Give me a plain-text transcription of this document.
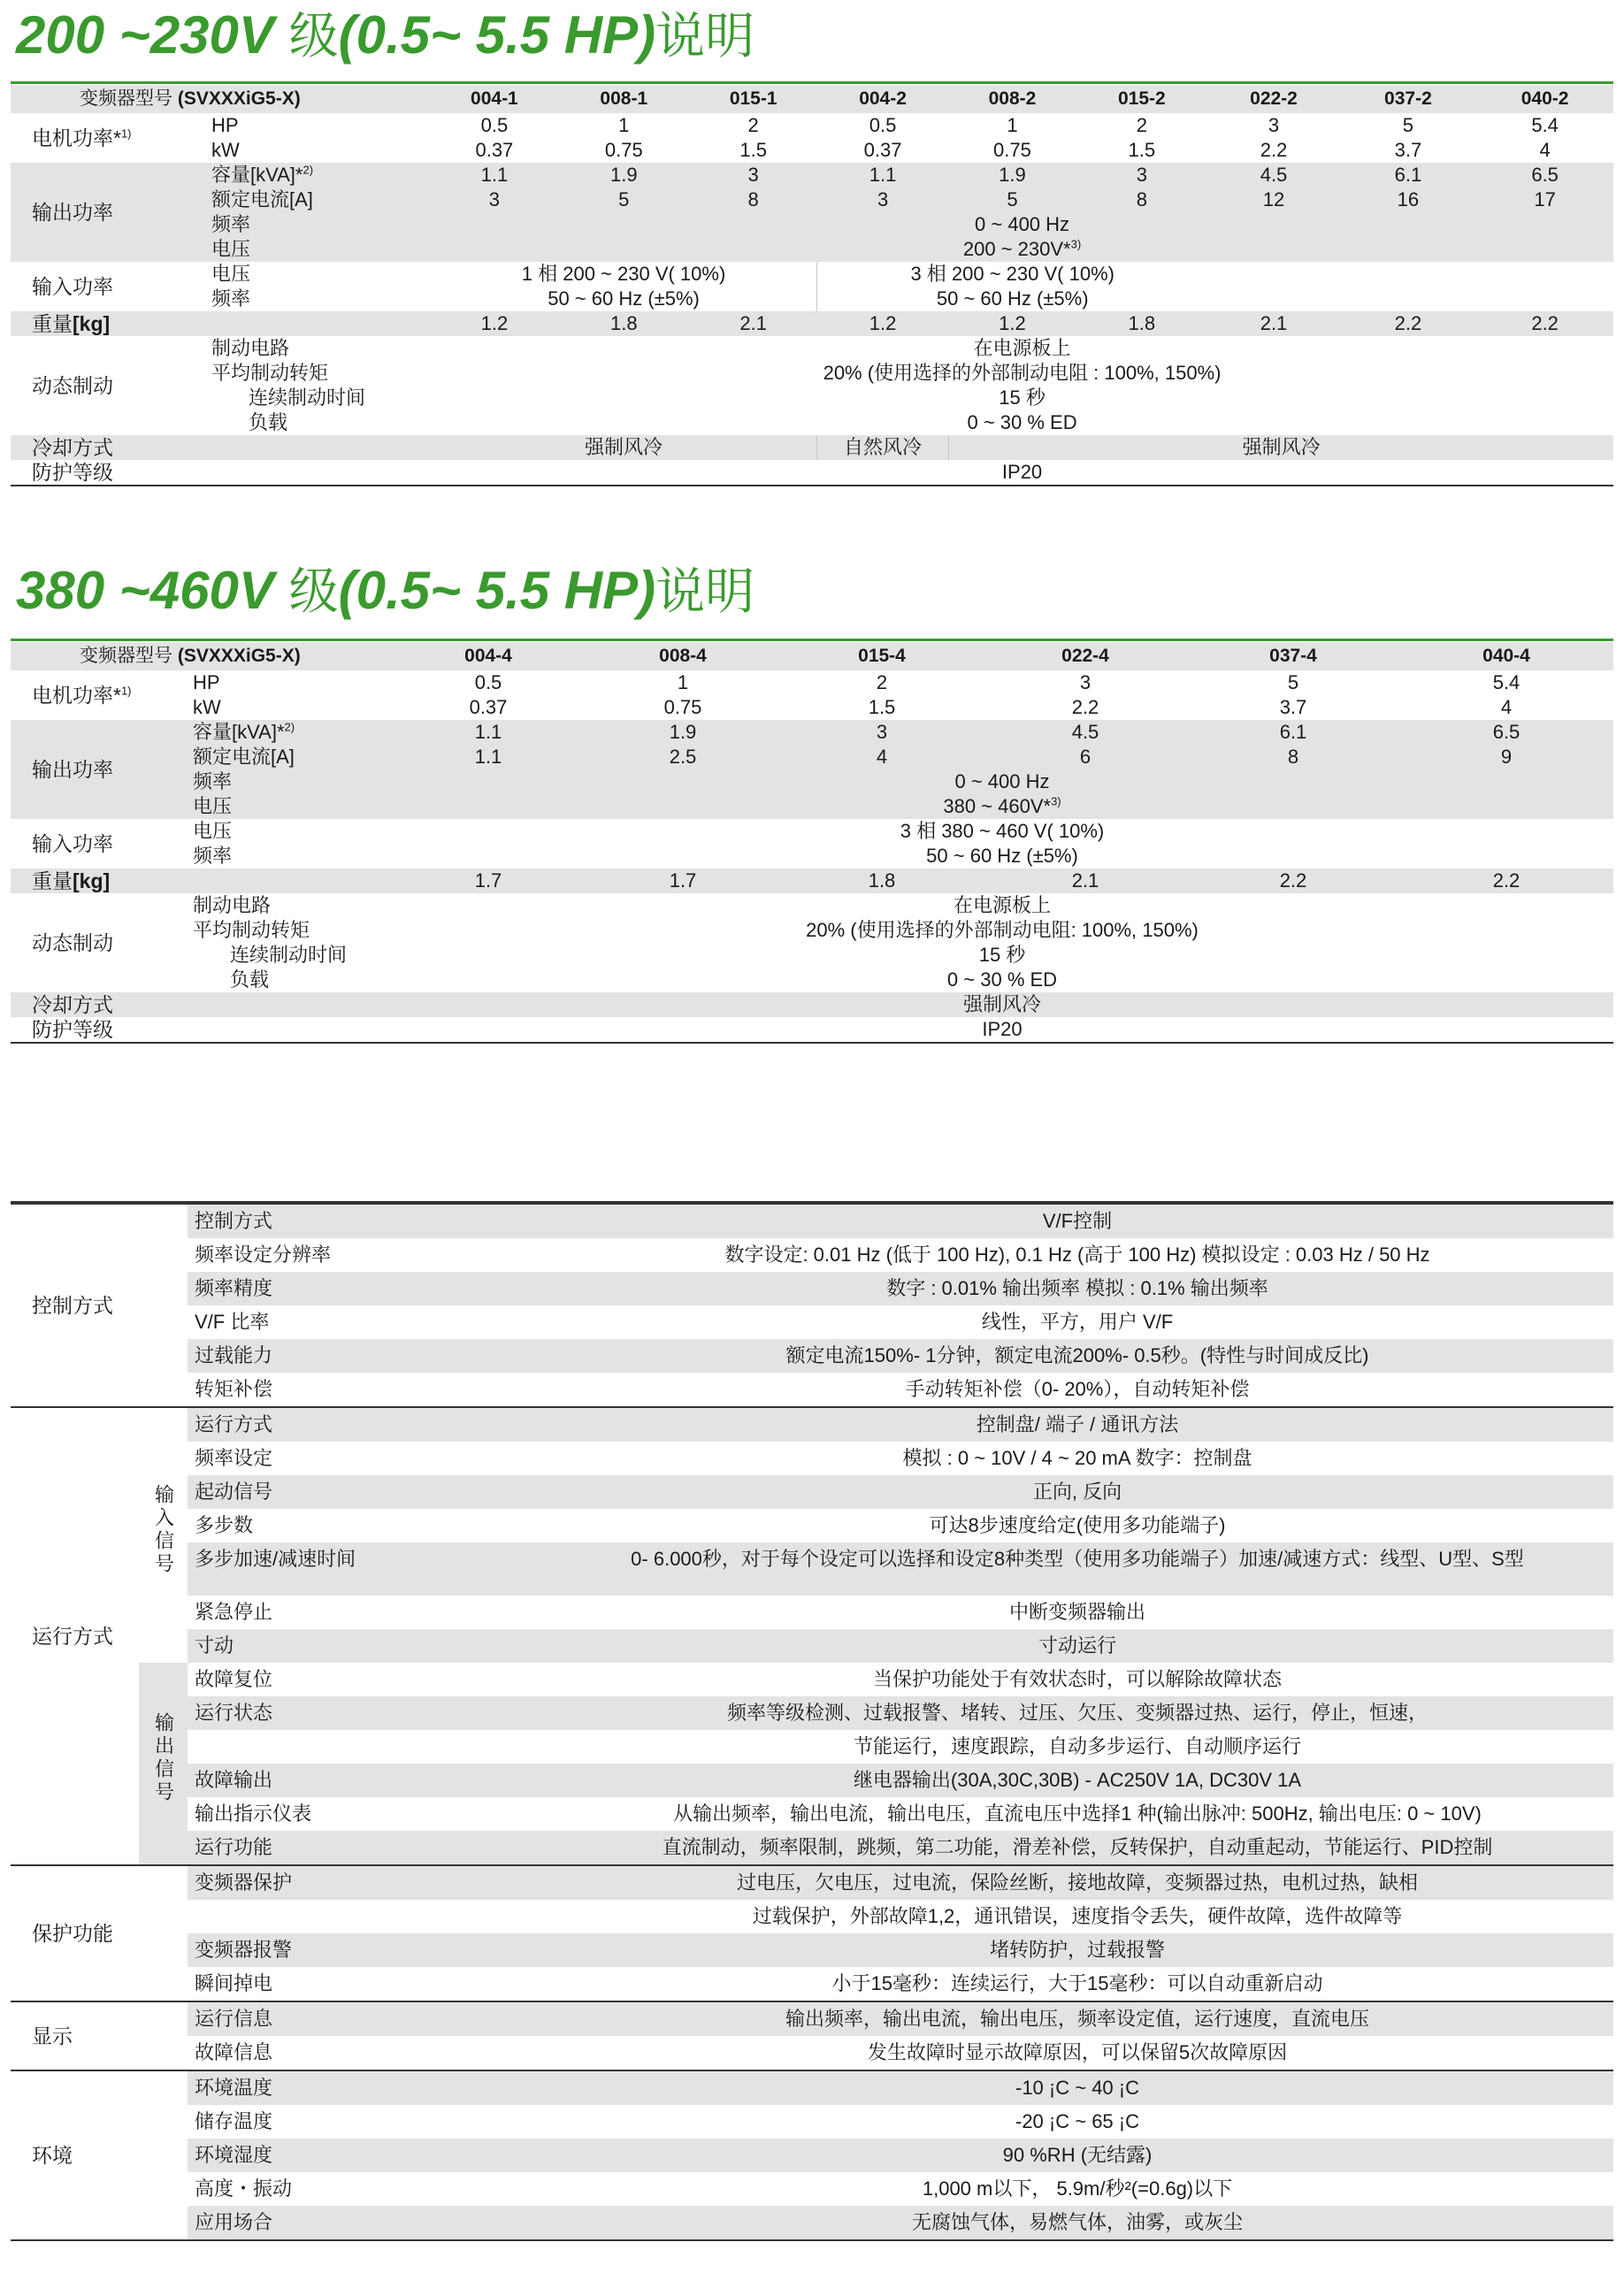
200 ~230V 级(0.5~ 5.5 HP)说明
变频器型号 (SVXXXiG5-X)		004-1	008-1	015-1	004-2	008-2	015-2	022-2	037-2	040-2
电机功率*$^{1)}$	HP	0.5	1	2	0.5	1	2	3	5	5.4
	kW	0.37	0.75	1.5	0.37	0.75	1.5	2.2	3.7	4
输出功率	容量[kVA]*$^{2)}$	1.1	1.9	3	1.1	1.9	3	4.5	6.1	6.5
	额定电流[A]	3	5	8	3	5	8	12	16	17
	频率	0 ~ 400 Hz								
	电压	200 ~ 230V*$^{3)}$
输入功率	电压	1 相 200 ~ 230 V( 10%)			3 相 200 ~ 230 V( 10%)					
	频率	50 ~ 60 Hz (±5%)			50 ~ 60 Hz (±5%)					
重量[kg]		1.2	1.8	2.1	1.2	1.2	1.8	2.1	2.2	2.2
动态制动	制动电路	在电源板上								
	平均制动转矩	20% (使用选择的外部制动电阻 : 100%, 150%)								
	连续制动时间	15 秒								
	负载	0 ~ 30 % ED								
冷却方式		强制风冷			自然风冷	强制风冷				
防护等级		IP20								
380 ~460V 级(0.5~ 5.5 HP)说明
变频器型号 (SVXXXiG5-X)		004-4	008-4	015-4	022-4	037-4	040-4
电机功率*$^{1)}$	HP	0.5	1	2	3	5	5.4
	kW	0.37	0.75	1.5	2.2	3.7	4
输出功率	容量[kVA]*$^{2)}$	1.1	1.9	3	4.5	6.1	6.5
	额定电流[A]	1.1	2.5	4	6	8	9
	频率	0 ~ 400 Hz					
	电压	380 ~ 460V*$^{3)}$
输入功率	电压	3 相 380 ~ 460 V( 10%)					
	频率	50 ~ 60 Hz (±5%)					
重量[kg]		1.7	1.7	1.8	2.1	2.2	2.2
动态制动	制动电路	在电源板上					
	平均制动转矩	20% (使用选择的外部制动电阻: 100%, 150%)					
	连续制动时间	15 秒					
	负载	0 ~ 30 % ED					
冷却方式		强制风冷					
防护等级		IP20					
控制方式		控制方式	V/F控制
		频率设定分辨率	数字设定: 0.01 Hz (低于 100 Hz), 0.1 Hz (高于 100 Hz) 模拟设定 : 0.03 Hz / 50 Hz
		频率精度	数字 : 0.01% 输出频率 模拟 : 0.1% 输出频率
		V/F 比率	线性，平方，用户 V/F
		过载能力	额定电流150%- 1分钟，额定电流200%- 0.5秒。(特性与时间成反比)
		转矩补偿	手动转矩补偿（0- 20%），自动转矩补偿
运行方式	输入信号	运行方式	控制盘/ 端子 / 通讯方法
		频率设定	模拟 : 0 ~ 10V / 4 ~ 20 mA 数字：控制盘
		起动信号	正向, 反向
		多步数	可达8步速度给定(使用多功能端子)
		多步加速/减速时间	0- 6.000秒，对于每个设定可以选择和设定8种类型（使用多功能端子）加速/减速方式：线型、U型、S型
		紧急停止	中断变频器输出
		寸动	寸动运行
	输出信号	故障复位	当保护功能处于有效状态时，可以解除故障状态
		运行状态	频率等级检测、过载报警、堵转、过压、欠压、变频器过热、运行，停止，恒速，
			节能运行，速度跟踪，自动多步运行、自动顺序运行
		故障输出	继电器输出(30A,30C,30B) - AC250V 1A, DC30V 1A
		输出指示仪表	从输出频率，输出电流，输出电压，直流电压中选择1 种(输出脉冲: 500Hz, 输出电压: 0 ~ 10V)
		运行功能	直流制动，频率限制，跳频，第二功能，滑差补偿，反转保护，自动重起动，节能运行、PID控制
保护功能		变频器保护	过电压，欠电压，过电流，保险丝断，接地故障，变频器过热，电机过热，缺相
			过载保护，外部故障1,2，通讯错误，速度指令丢失，硬件故障，选件故障等
		变频器报警	堵转防护，过载报警
		瞬间掉电	小于15毫秒：连续运行，大于15毫秒：可以自动重新启动
显示		运行信息	输出频率，输出电流，输出电压，频率设定值，运行速度，直流电压
		故障信息	发生故障时显示故障原因，可以保留5次故障原因
环境		环境温度	-10 ¡C ~ 40 ¡C
		储存温度	-20 ¡C ~ 65 ¡C
		环境湿度	90 %RH (无结露)
		高度・振动	1,000 m以下， 5.9m/秒²(=0.6g)以下
		应用场合	无腐蚀气体，易燃气体，油雾，或灰尘
